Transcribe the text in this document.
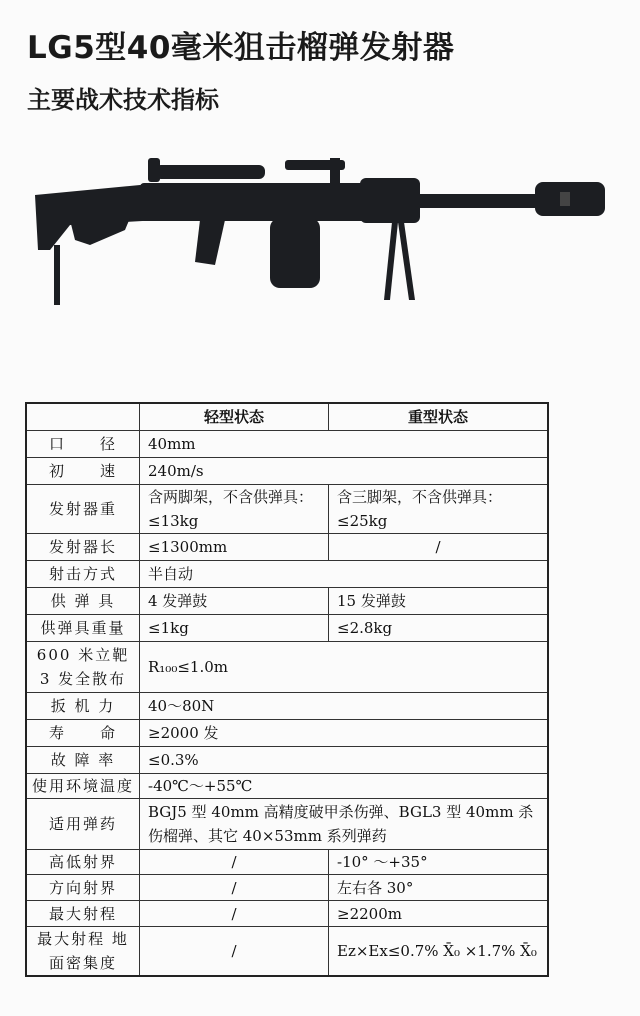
LG5型40毫米狙击榴弹发射器
主要战术技术指标
	轻型状态	重型状态
口　　径	40mm	
初　　速	240m/s	
发射器重	含两脚架，不含供弹具：≤13kg	含三脚架，不含供弹具：≤25kg
发射器长	≤1300mm	/
射击方式	半自动	
供 弹 具	4 发弹鼓	15 发弹鼓
供弹具重量	≤1kg	≤2.8kg
600 米立靶 3 发全散布	R₁₀₀≤1.0m	
扳 机 力	40～80N	
寿　　命	≥2000 发	
故 障 率	≤0.3%	
使用环境温度	-40℃～+55℃	
适用弹药	BGJ5 型 40mm 高精度破甲杀伤弹、BGL3 型 40mm 杀伤榴弹、其它 40×53mm 系列弹药	
高低射界	/	-10° ～+35°
方向射界	/	左右各 30°
最大射程	/	≥2200m
最大射程 地面密集度	/	Ez×Ex≤0.7% X̄₀ ×1.7% X̄₀
